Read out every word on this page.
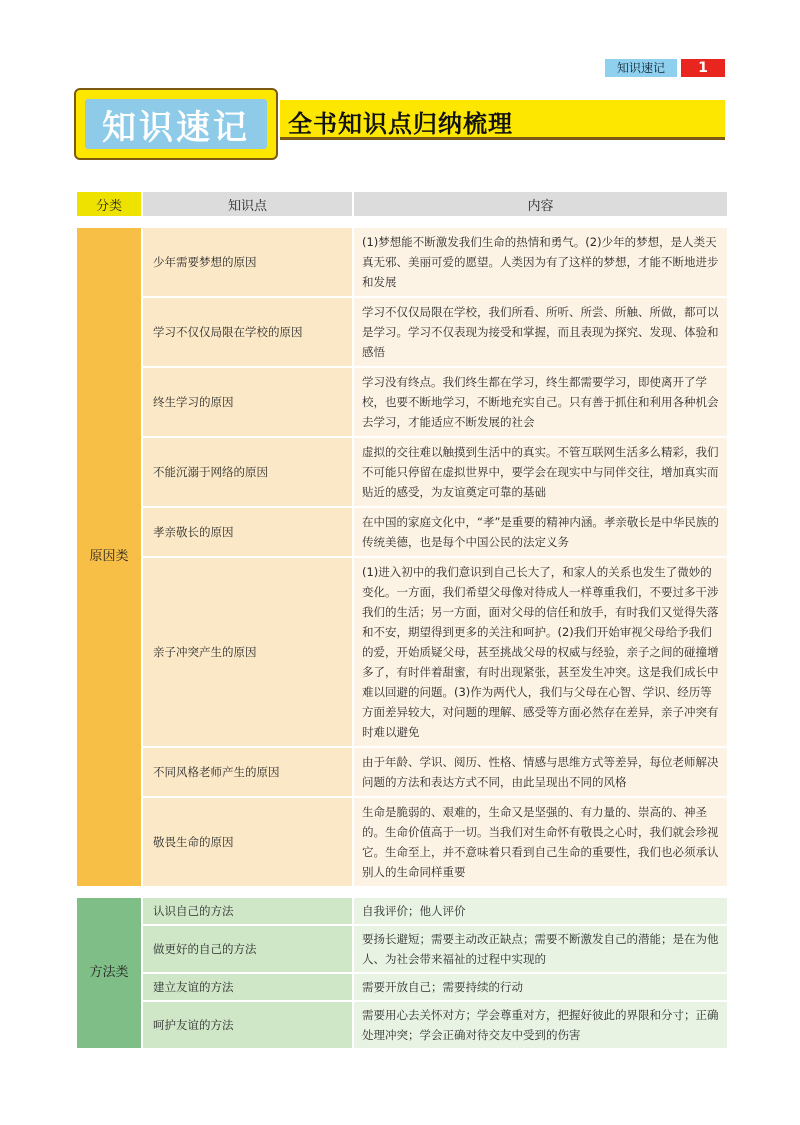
知识速记	1
知识速记	全书知识点归纳梳理
分类	知识点	内容

原因类	少年需要梦想的原因	(1)梦想能不断激发我们生命的热情和勇气。(2)少年的梦想，是人类天真无邪、美丽可爱的愿望。人类因为有了这样的梦想，才能不断地进步和发展
	学习不仅仅局限在学校的原因	学习不仅仅局限在学校，我们所看、所听、所尝、所触、所做，都可以是学习。学习不仅表现为接受和掌握，而且表现为探究、发现、体验和感悟
	终生学习的原因	学习没有终点。我们终生都在学习，终生都需要学习，即使离开了学校，也要不断地学习，不断地充实自己。只有善于抓住和利用各种机会去学习，才能适应不断发展的社会
	不能沉溺于网络的原因	虚拟的交往难以触摸到生活中的真实。不管互联网生活多么精彩，我们不可能只停留在虚拟世界中，要学会在现实中与同伴交往，增加真实而贴近的感受，为友谊奠定可靠的基础
	孝亲敬长的原因	在中国的家庭文化中，“孝”是重要的精神内涵。孝亲敬长是中华民族的传统美德，也是每个中国公民的法定义务
	亲子冲突产生的原因	(1)进入初中的我们意识到自己长大了，和家人的关系也发生了微妙的变化。一方面，我们希望父母像对待成人一样尊重我们，不要过多干涉我们的生活；另一方面，面对父母的信任和放手，有时我们又觉得失落和不安，期望得到更多的关注和呵护。(2)我们开始审视父母给予我们的爱，开始质疑父母，甚至挑战父母的权威与经验，亲子之间的碰撞增多了，有时伴着甜蜜，有时出现紧张，甚至发生冲突。这是我们成长中难以回避的问题。(3)作为两代人，我们与父母在心智、学识、经历等方面差异较大，对问题的理解、感受等方面必然存在差异，亲子冲突有时难以避免
	不同风格老师产生的原因	由于年龄、学识、阅历、性格、情感与思维方式等差异，每位老师解决问题的方法和表达方式不同，由此呈现出不同的风格
	敬畏生命的原因	生命是脆弱的、艰难的，生命又是坚强的、有力量的、崇高的、神圣的。生命价值高于一切。当我们对生命怀有敬畏之心时，我们就会珍视它。生命至上，并不意味着只看到自己生命的重要性，我们也必须承认别人的生命同样重要

方法类	认识自己的方法	自我评价；他人评价
	做更好的自己的方法	要扬长避短；需要主动改正缺点；需要不断激发自己的潜能；是在为他人、为社会带来福祉的过程中实现的
	建立友谊的方法	需要开放自己；需要持续的行动
	呵护友谊的方法	需要用心去关怀对方；学会尊重对方，把握好彼此的界限和分寸；正确处理冲突；学会正确对待交友中受到的伤害
